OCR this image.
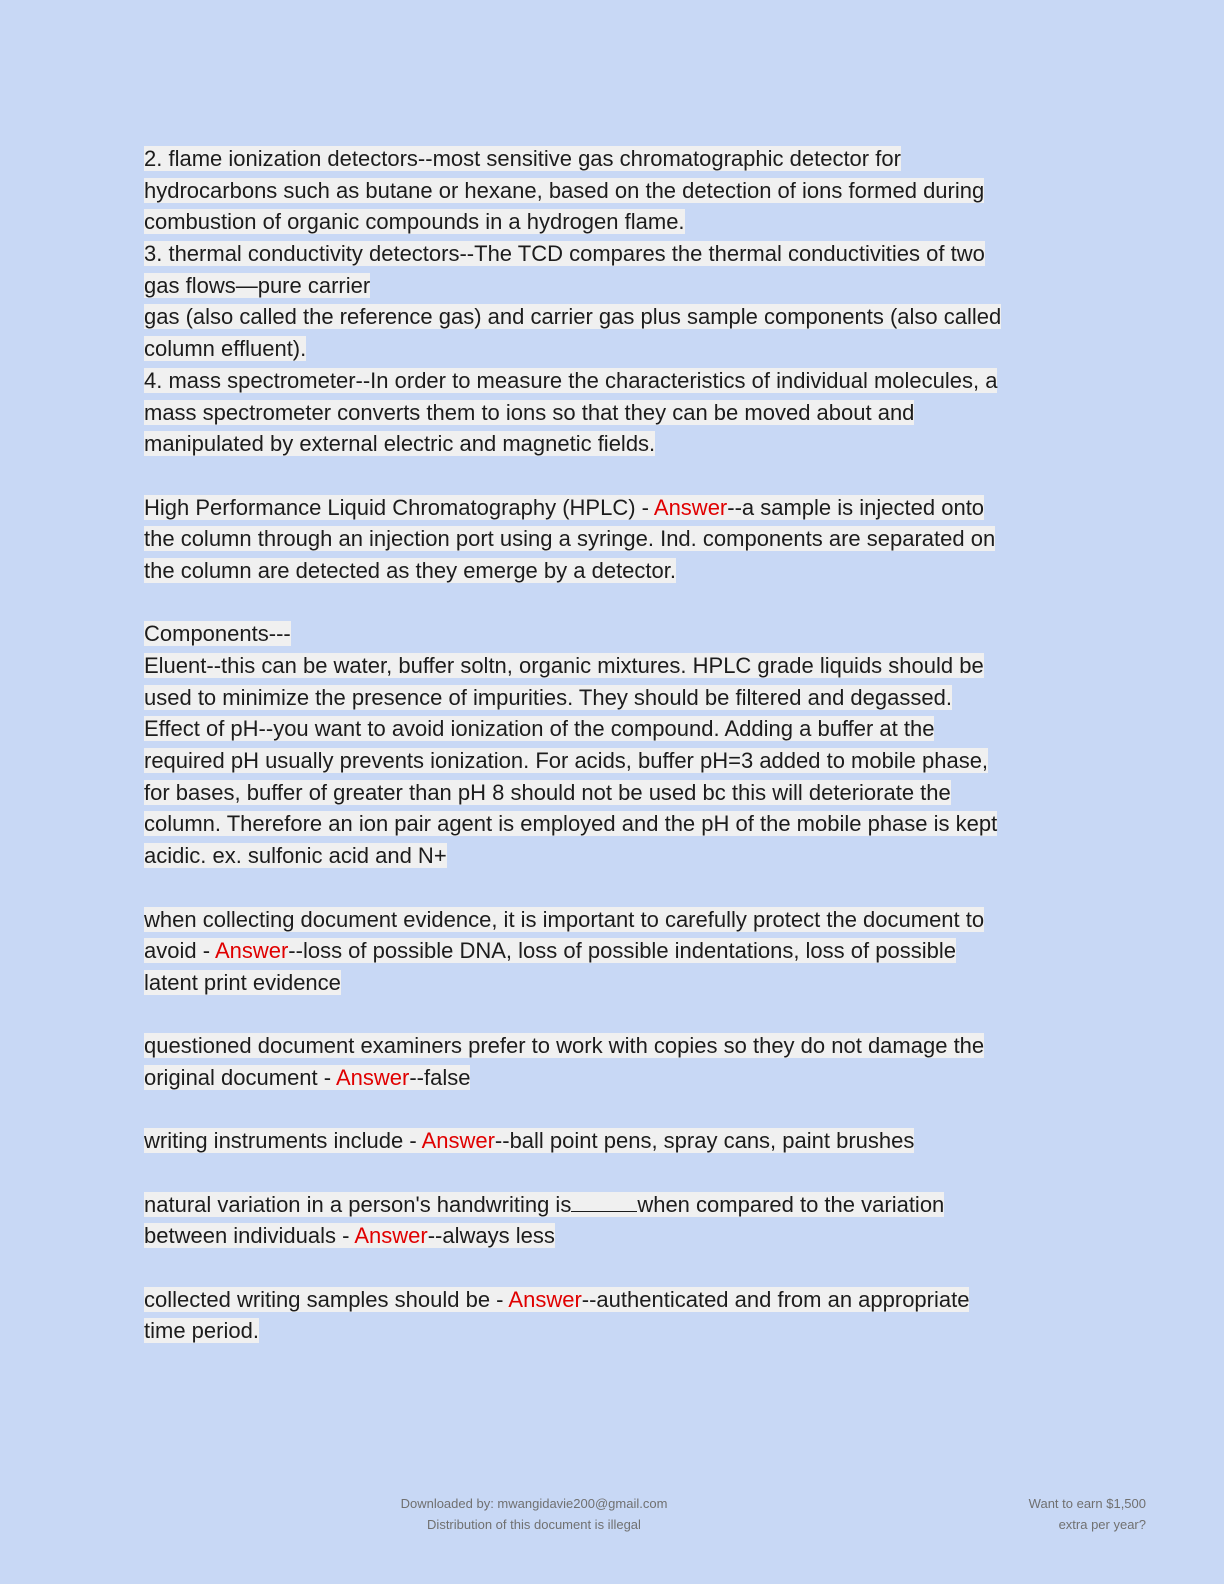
2. flame ionization detectors--most sensitive gas chromatographic detector for
hydrocarbons such as butane or hexane, based on the detection of ions formed during
combustion of organic compounds in a hydrogen flame.
3. thermal conductivity detectors--The TCD compares the thermal conductivities of two
gas flows—pure carrier
gas (also called the reference gas) and carrier gas plus sample components (also called
column effluent).
4. mass spectrometer--In order to measure the characteristics of individual molecules, a
mass spectrometer converts them to ions so that they can be moved about and
manipulated by external electric and magnetic fields.
High Performance Liquid Chromatography (HPLC) - Answer--a sample is injected onto
the column through an injection port using a syringe. Ind. components are separated on
the column are detected as they emerge by a detector.
Components---
Eluent--this can be water, buffer soltn, organic mixtures. HPLC grade liquids should be
used to minimize the presence of impurities. They should be filtered and degassed.
Effect of pH--you want to avoid ionization of the compound. Adding a buffer at the
required pH usually prevents ionization. For acids, buffer pH=3 added to mobile phase,
for bases, buffer of greater than pH 8 should not be used bc this will deteriorate the
column. Therefore an ion pair agent is employed and the pH of the mobile phase is kept
acidic. ex. sulfonic acid and N+
when collecting document evidence, it is important to carefully protect the document to
avoid - Answer--loss of possible DNA, loss of possible indentations, loss of possible
latent print evidence
questioned document examiners prefer to work with copies so they do not damage the
original document - Answer--false
writing instruments include - Answer--ball point pens, spray cans, paint brushes
natural variation in a person's handwriting is	when compared to the variation
between individuals - Answer--always less
collected writing samples should be - Answer--authenticated and from an appropriate
time period.
Downloaded by: mwangidavie200@gmail.com
Distribution of this document is illegal
Want to earn $1,500
extra per year?
